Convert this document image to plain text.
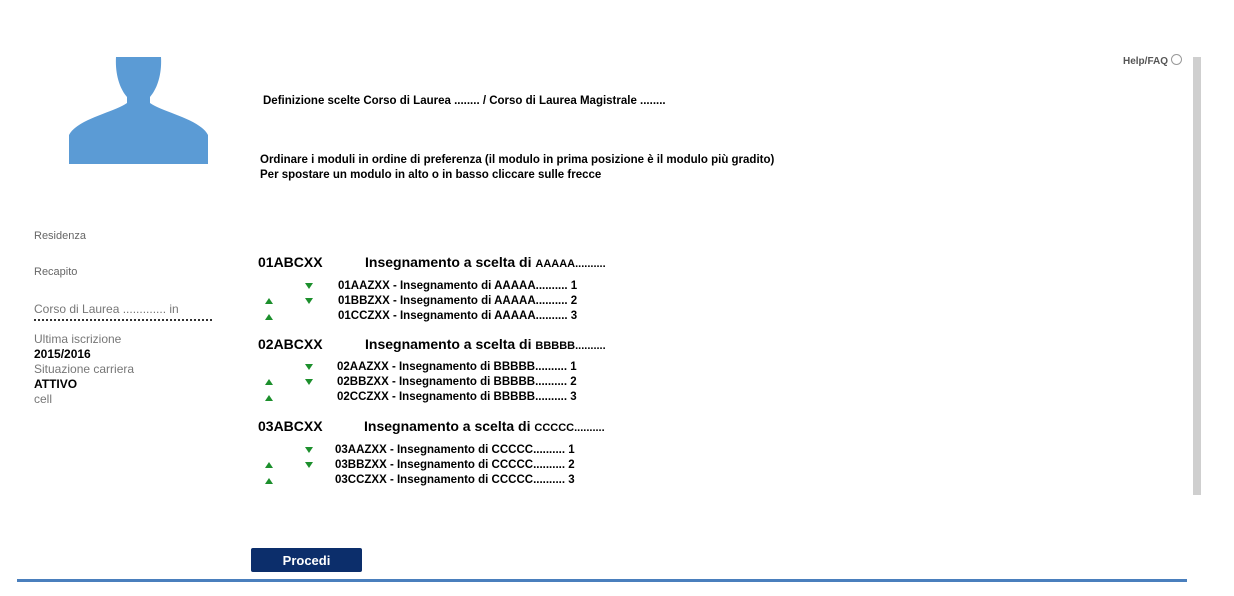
Help/FAQ
Residenza
Recapito
Corso di Laurea ............. in
Ultima iscrizione
2015/2016
Situazione carriera
ATTIVO
cell
Definizione scelte Corso di Laurea ........ / Corso di Laurea Magistrale ........
Ordinare i moduli in ordine di preferenza (il modulo in prima posizione è il modulo più gradito)
Per spostare un modulo in alto o in basso cliccare sulle frecce
01ABCXX	Insegnamento a scelta di AAAAA..........
01AAZXX - Insegnamento di AAAAA.......... 1
01BBZXX - Insegnamento di AAAAA.......... 2
01CCZXX - Insegnamento di AAAAA.......... 3
02ABCXX	Insegnamento a scelta di BBBBB..........
02AAZXX - Insegnamento di BBBBB.......... 1
02BBZXX - Insegnamento di BBBBB.......... 2
02CCZXX - Insegnamento di BBBBB.......... 3
03ABCXX	Insegnamento a scelta di CCCCC..........
03AAZXX - Insegnamento di CCCCC.......... 1
03BBZXX - Insegnamento di CCCCC.......... 2
03CCZXX - Insegnamento di CCCCC.......... 3
Procedi
